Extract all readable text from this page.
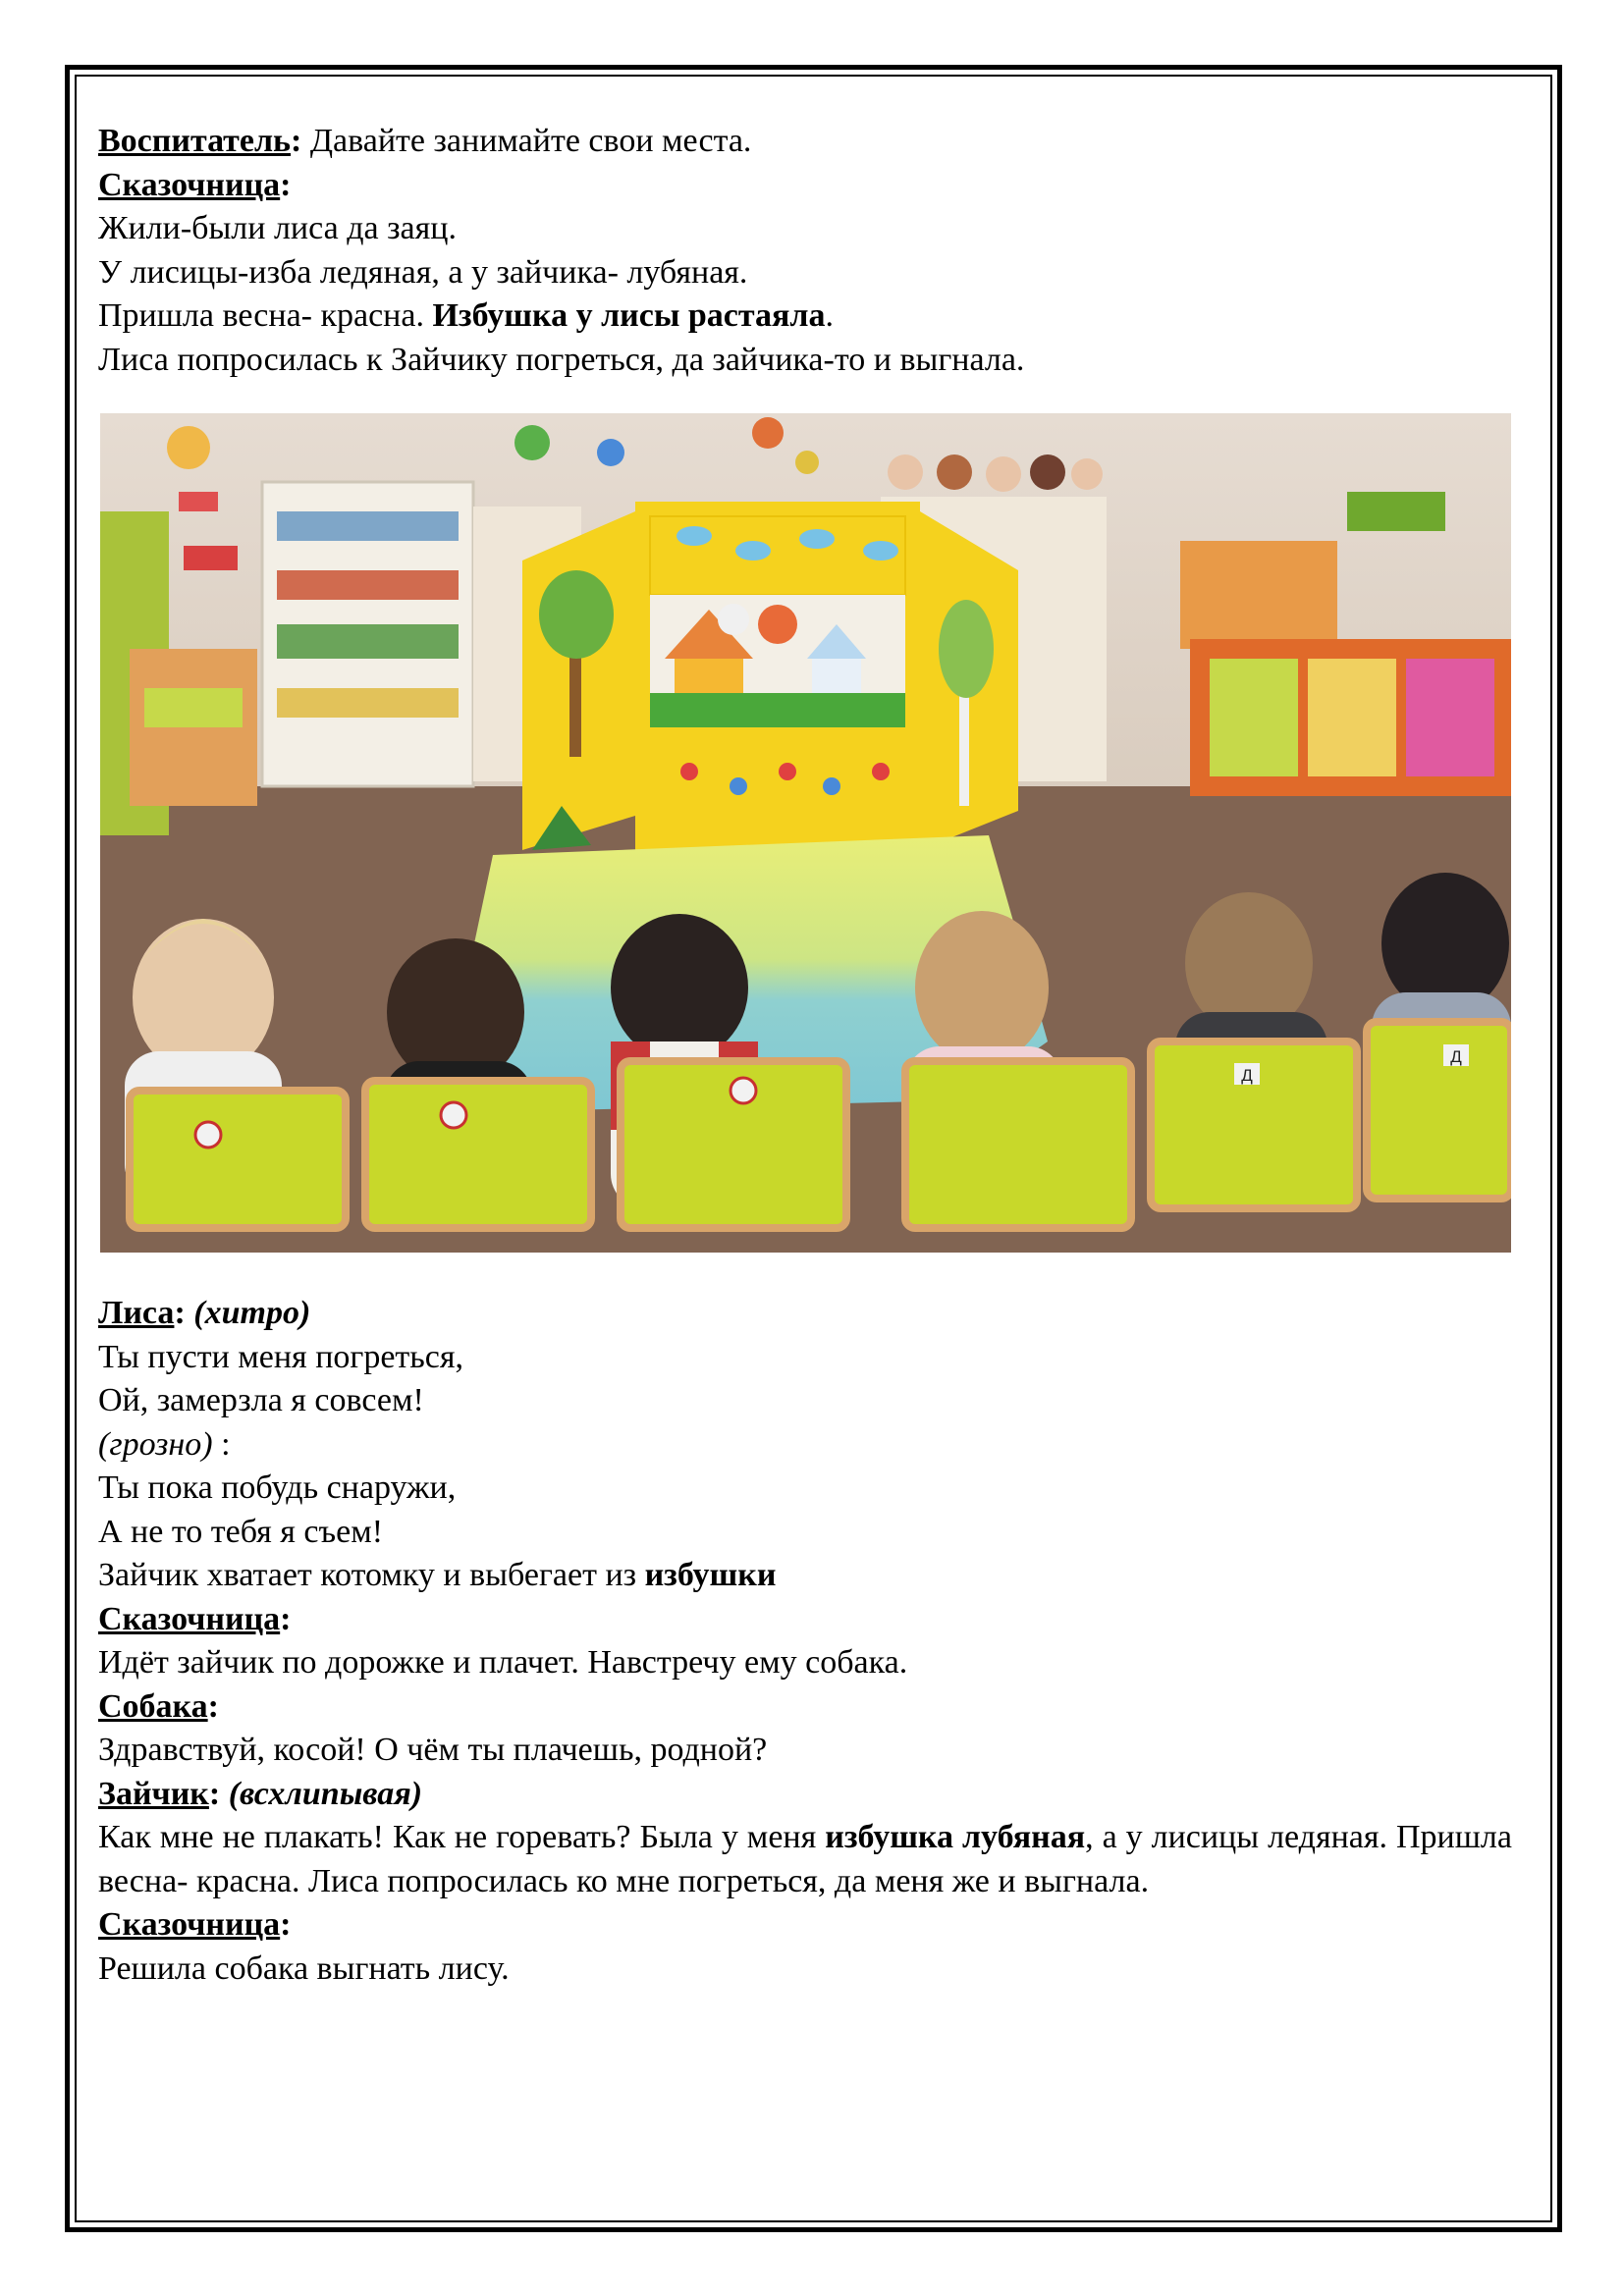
Воспитатель: Давайте занимайте свои места.
Сказочница:
Жили-были лиса да заяц.
У лисицы-изба ледяная, а у зайчика- лубяная.
Пришла весна- красна. Избушка у лисы растаяла.
Лиса попросилась к Зайчику погреться, да зайчика-то и выгнала.
Д
Д
Лиса: (хитро)
Ты пусти меня погреться,
Ой, замерзла я совсем!
(грозно) :
Ты пока побудь снаружи,
А не то тебя я съем!
Зайчик хватает котомку и выбегает из избушки
Сказочница:
Идёт зайчик по дорожке и плачет. Навстречу ему собака.
Собака:
Здравствуй, косой! О чём ты плачешь, родной?
Зайчик: (всхлипывая)
Как мне не плакать! Как не горевать? Была у меня избушка лубяная, а у лисицы ледяная. Пришла весна- красна. Лиса попросилась ко мне погреться, да меня же и выгнала.
Сказочница:
Решила собака выгнать лису.
